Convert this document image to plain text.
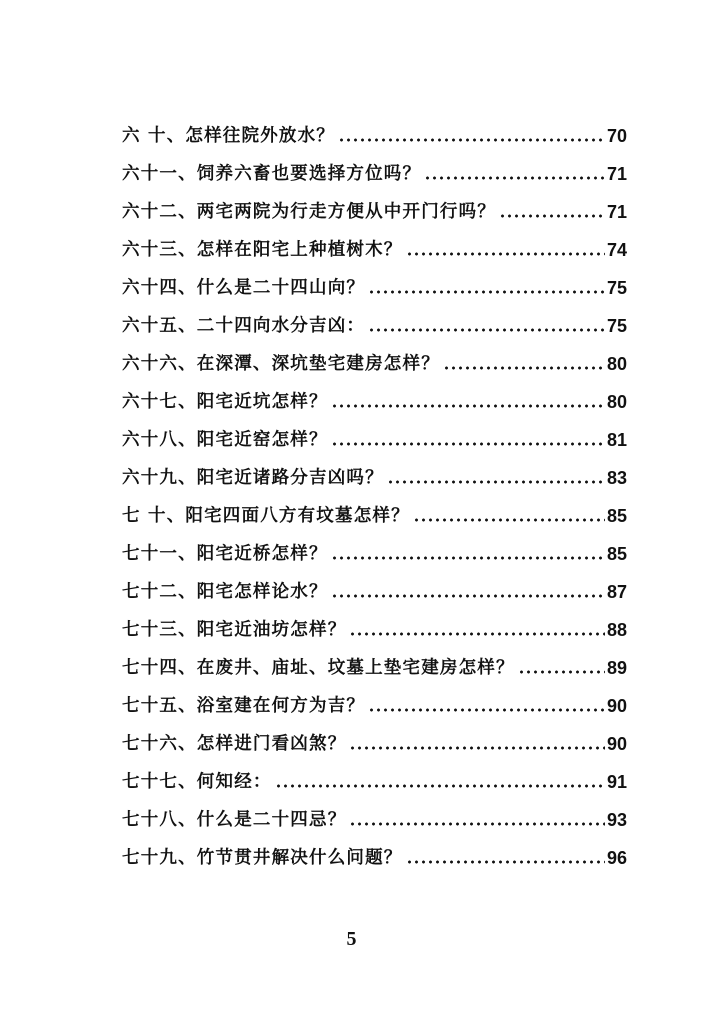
六 十、怎样往院外放水？	70
六十一、饲养六畜也要选择方位吗？	71
六十二、两宅两院为行走方便从中开门行吗？	71
六十三、怎样在阳宅上种植树木？	74
六十四、什么是二十四山向？	75
六十五、二十四向水分吉凶：	75
六十六、在深潭、深坑垫宅建房怎样？	80
六十七、阳宅近坑怎样？	80
六十八、阳宅近窑怎样？	81
六十九、阳宅近诸路分吉凶吗？	83
七 十、阳宅四面八方有坟墓怎样？	85
七十一、阳宅近桥怎样？	85
七十二、阳宅怎样论水？	87
七十三、阳宅近油坊怎样？	88
七十四、在废井、庙址、坟墓上垫宅建房怎样？	89
七十五、浴室建在何方为吉？	90
七十六、怎样进门看凶煞？	90
七十七、何知经：	91
七十八、什么是二十四忌？	93
七十九、竹节贯井解决什么问题？	96
5
